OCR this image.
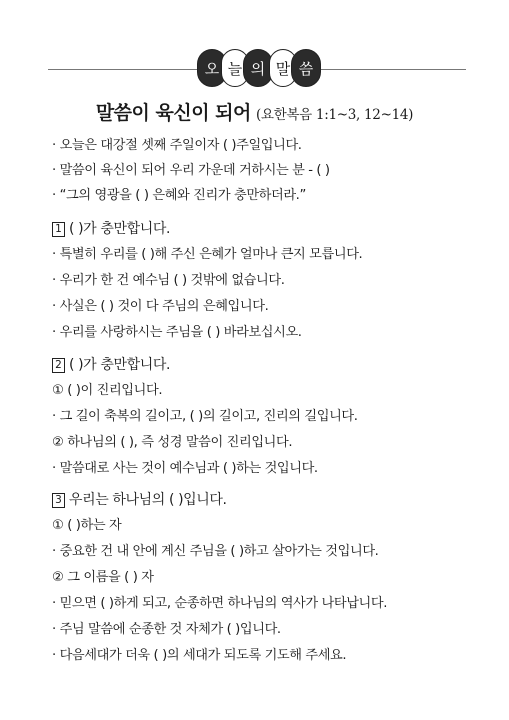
오 늘 의 말 씀
말씀이 육신이 되어 (요한복음 1:1~3, 12~14)
· 오늘은 대강절 셋째 주일이자 ( )주일입니다.
· 말씀이 육신이 되어 우리 가운데 거하시는 분 - ( )
· “그의 영광을 ( ) 은혜와 진리가 충만하더라.”
1 ( )가 충만합니다.
· 특별히 우리를 ( )해 주신 은혜가 얼마나 큰지 모릅니다.
· 우리가 한 건 예수님 ( ) 것밖에 없습니다.
· 사실은 ( ) 것이 다 주님의 은혜입니다.
· 우리를 사랑하시는 주님을 ( ) 바라보십시오.
2 ( )가 충만합니다.
① ( )이 진리입니다.
· 그 길이 축복의 길이고, ( )의 길이고, 진리의 길입니다.
② 하나님의 ( ), 즉 성경 말씀이 진리입니다.
· 말씀대로 사는 것이 예수님과 ( )하는 것입니다.
3 우리는 하나님의 ( )입니다.
① ( )하는 자
· 중요한 건 내 안에 계신 주님을 ( )하고 살아가는 것입니다.
② 그 이름을 ( ) 자
· 믿으면 ( )하게 되고, 순종하면 하나님의 역사가 나타납니다.
· 주님 말씀에 순종한 것 자체가 ( )입니다.
· 다음세대가 더욱 ( )의 세대가 되도록 기도해 주세요.
